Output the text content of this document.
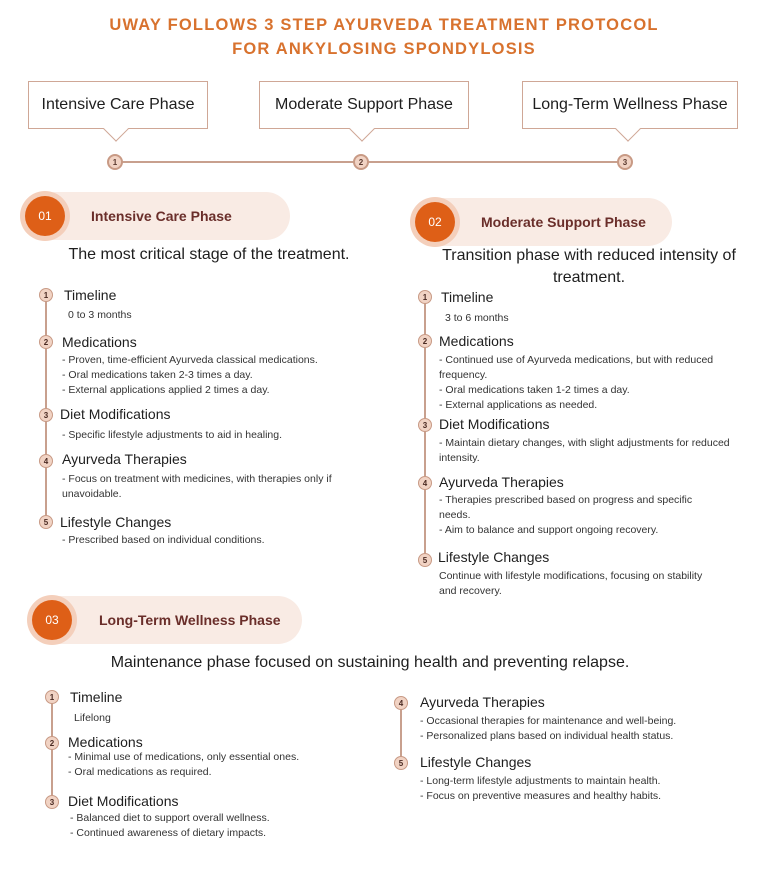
UWAY FOLLOWS 3 STEP AYURVEDA TREATMENT PROTOCOL
FOR ANKYLOSING SPONDYLOSIS
Intensive Care Phase	Moderate Support Phase	Long-Term Wellness Phase
1	2	3
Intensive Care Phase
01
The most critical stage of the treatment.
1	Timeline
0 to 3 months
2 Medications
- Proven, time-efficient Ayurveda classical medications.
- Oral medications taken 2-3 times a day.
- External applications applied 2 times a day.
3 Diet Modifications
- Specific lifestyle adjustments to aid in healing.
4 Ayurveda Therapies
- Focus on treatment with medicines, with therapies only if
unavoidable.
5 Lifestyle Changes
- Prescribed based on individual conditions.
Moderate Support Phase
02
Transition phase with reduced intensity of
treatment.
1 Timeline
3 to 6 months
2 Medications
- Continued use of Ayurveda medications, but with reduced
frequency.
- Oral medications taken 1-2 times a day.
- External applications as needed.
3 Diet Modifications
- Maintain dietary changes, with slight adjustments for reduced
intensity.
4 Ayurveda Therapies
- Therapies prescribed based on progress and specific
needs.
- Aim to balance and support ongoing recovery.
5 Lifestyle Changes
Continue with lifestyle modifications, focusing on stability
and recovery.
Long-Term Wellness Phase
03
Maintenance phase focused on sustaining health and preventing relapse.
1	Timeline
Lifelong
2 Medications
- Minimal use of medications, only essential ones.
- Oral medications as required.
3 Diet Modifications
- Balanced diet to support overall wellness.
- Continued awareness of dietary impacts.
4	Ayurveda Therapies
- Occasional therapies for maintenance and well-being.
- Personalized plans based on individual health status.
5	Lifestyle Changes
- Long-term lifestyle adjustments to maintain health.
- Focus on preventive measures and healthy habits.
